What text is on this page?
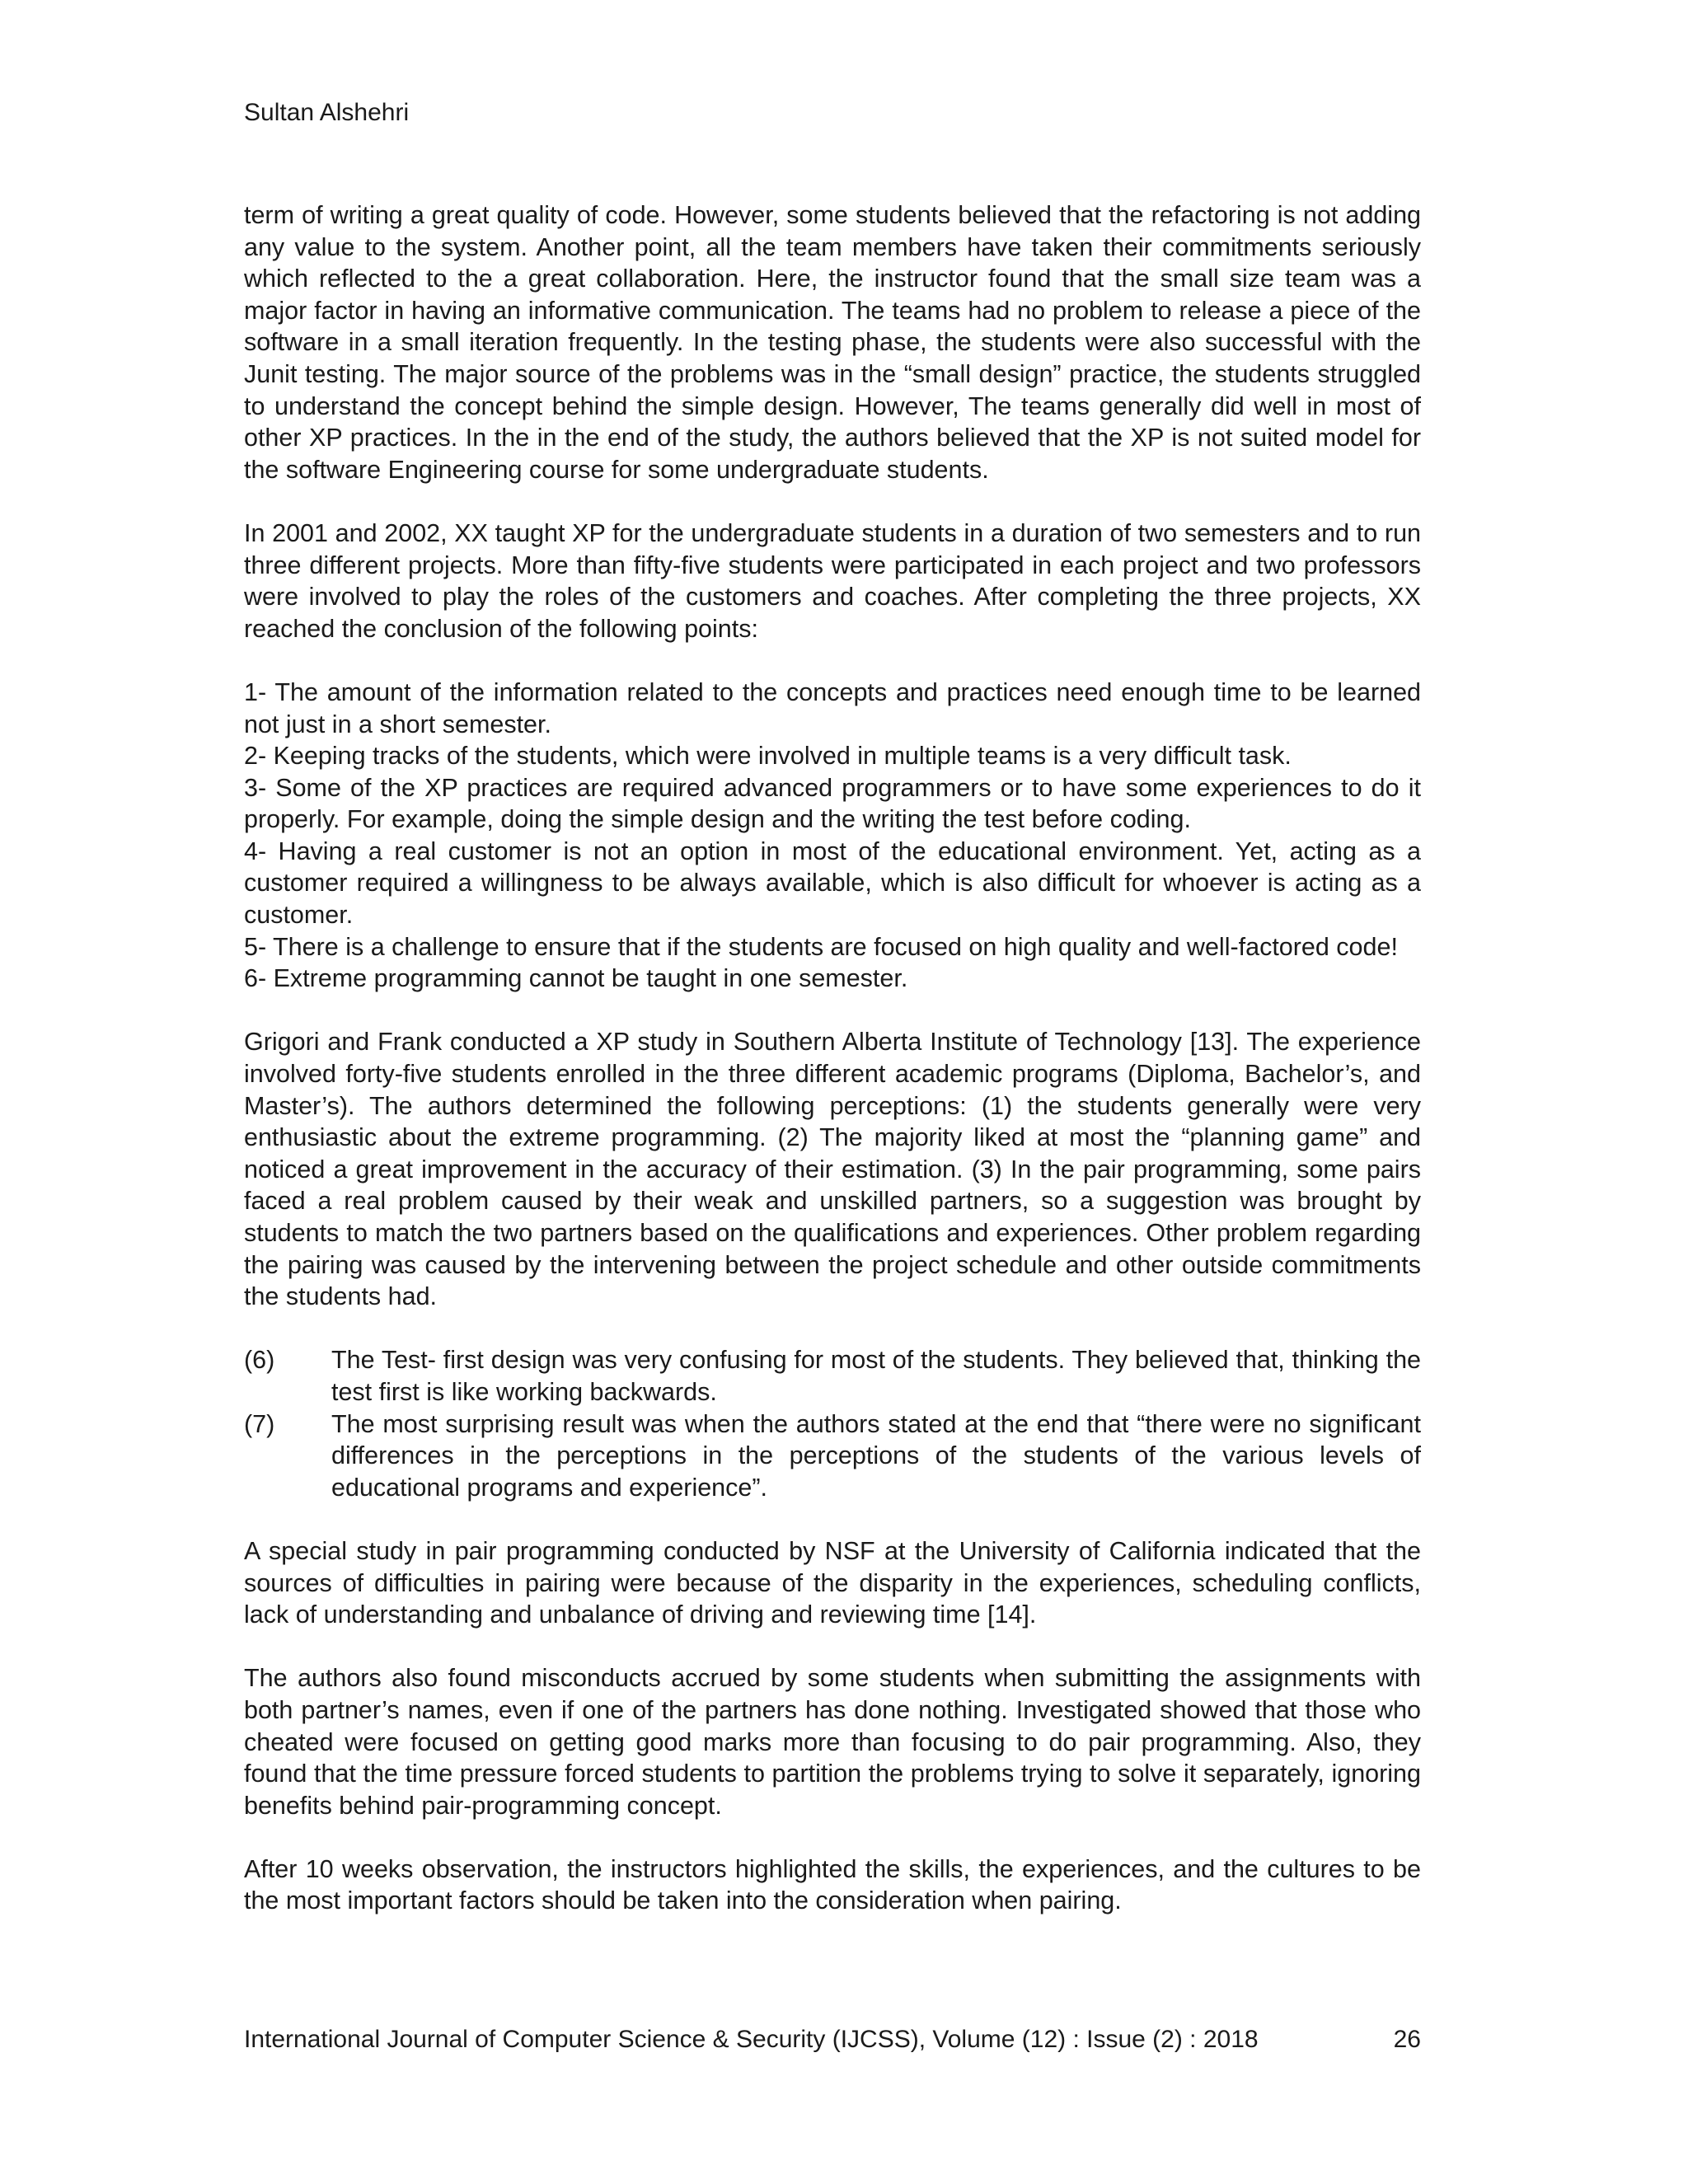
Sultan Alshehri

term of writing a great quality of code. However, some students believed that the refactoring is not adding any value to the system. Another point, all the team members have taken their commitments seriously which reflected to the a great collaboration. Here, the instructor found that the small size team was a major factor in having an informative communication. The teams had no problem to release a piece of the software in a small iteration frequently. In the testing phase, the students were also successful with the Junit testing. The major source of the problems was in the “small design” practice, the students struggled to understand the concept behind the simple design. However, The teams generally did well in most of other XP practices. In the in the end of the study, the authors believed that the XP is not suited model for the software Engineering course for some undergraduate students.

In 2001 and 2002, XX taught XP for the undergraduate students in a duration of two semesters and to run three different projects. More than fifty-five students were participated in each project and two professors were involved to play the roles of the customers and coaches. After completing the three projects, XX reached the conclusion of the following points:

1- The amount of the information related to the concepts and practices need enough time to be learned not just in a short semester.
2- Keeping tracks of the students, which were involved in multiple teams is a very difficult task.
3- Some of the XP practices are required advanced programmers or to have some experiences to do it properly. For example, doing the simple design and the writing the test before coding.
4- Having a real customer is not an option in most of the educational environment. Yet, acting as a customer required a willingness to be always available, which is also difficult for whoever is acting as a customer.
5- There is a challenge to ensure that if the students are focused on high quality and well-factored code!
6- Extreme programming cannot be taught in one semester.

Grigori and Frank conducted a XP study in Southern Alberta Institute of Technology [13]. The experience involved forty-five students enrolled in the three different academic programs (Diploma, Bachelor’s, and Master’s). The authors determined the following perceptions: (1) the students generally were very enthusiastic about the extreme programming. (2) The majority liked at most the “planning game” and noticed a great improvement in the accuracy of their estimation. (3) In the pair programming, some pairs faced a real problem caused by their weak and unskilled partners, so a suggestion was brought by students to match the two partners based on the qualifications and experiences. Other problem regarding the pairing was caused by the intervening between the project schedule and other outside commitments the students had.

(6)	The Test- first design was very confusing for most of the students. They believed that, thinking the test first is like working backwards.
(7)	The most surprising result was when the authors stated at the end that “there were no significant differences in the perceptions in the perceptions of the students of the various levels of educational programs and experience”.

A special study in pair programming conducted by NSF at the University of California indicated that the sources of difficulties in pairing were because of the disparity in the experiences, scheduling conflicts, lack of understanding and unbalance of driving and reviewing time [14].

The authors also found misconducts accrued by some students when submitting the assignments with both partner’s names, even if one of the partners has done nothing. Investigated showed that those who cheated were focused on getting good marks more than focusing to do pair programming. Also, they found that the time pressure forced students to partition the problems trying to solve it separately, ignoring benefits behind pair-programming concept.

After 10 weeks observation, the instructors highlighted the skills, the experiences, and the cultures to be the most important factors should be taken into the consideration when pairing.

International Journal of Computer Science & Security (IJCSS), Volume (12) : Issue (2) : 2018	26
